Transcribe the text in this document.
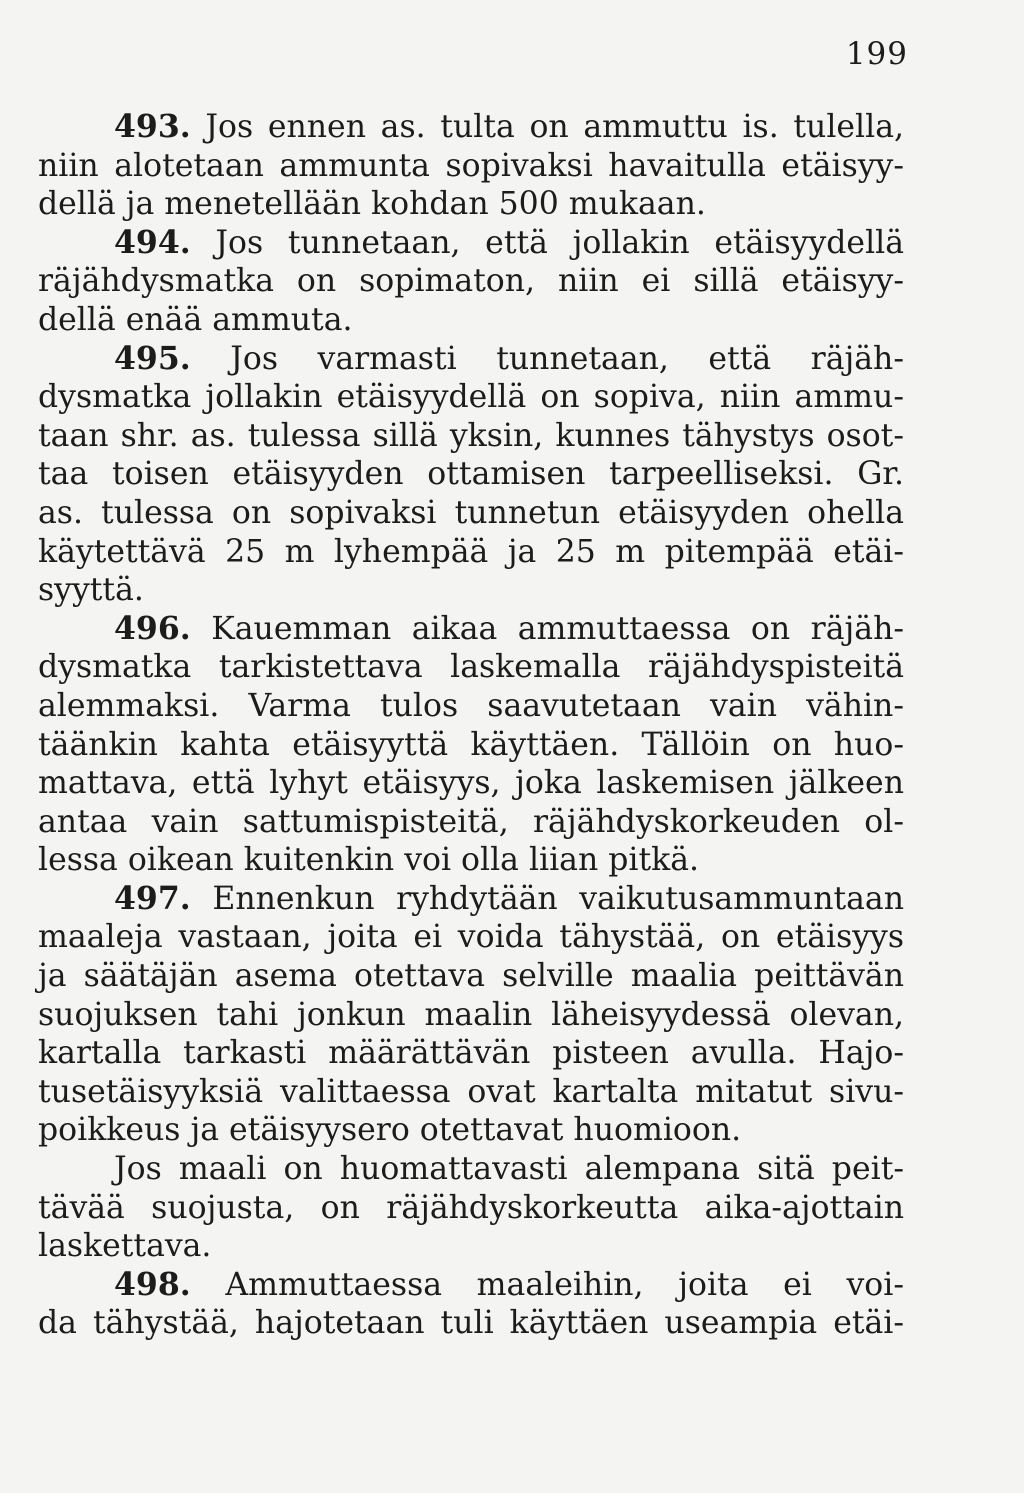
199
493. Jos ennen as. tulta on ammuttu is. tulella,
niin alotetaan ammunta sopivaksi havaitulla etäisyy-
dellä ja menetellään kohdan 500 mukaan.
494. Jos tunnetaan, että jollakin etäisyydellä
räjähdysmatka on sopimaton, niin ei sillä etäisyy-
dellä enää ammuta.
495. Jos varmasti tunnetaan, että räjäh-
dysmatka jollakin etäisyydellä on sopiva, niin ammu-
taan shr. as. tulessa sillä yksin, kunnes tähystys osot-
taa toisen etäisyyden ottamisen tarpeelliseksi. Gr.
as. tulessa on sopivaksi tunnetun etäisyyden ohella
käytettävä 25 m lyhempää ja 25 m pitempää etäi-
syyttä.
496. Kauemman aikaa ammuttaessa on räjäh-
dysmatka tarkistettava laskemalla räjähdyspisteitä
alemmaksi. Varma tulos saavutetaan vain vähin-
täänkin kahta etäisyyttä käyttäen. Tällöin on huo-
mattava, että lyhyt etäisyys, joka laskemisen jälkeen
antaa vain sattumispisteitä, räjähdyskorkeuden ol-
lessa oikean kuitenkin voi olla liian pitkä.
497. Ennenkun ryhdytään vaikutusammuntaan
maaleja vastaan, joita ei voida tähystää, on etäisyys
ja säätäjän asema otettava selville maalia peittävän
suojuksen tahi jonkun maalin läheisyydessä olevan,
kartalla tarkasti määrättävän pisteen avulla. Hajo-
tusetäisyyksiä valittaessa ovat kartalta mitatut sivu-
poikkeus ja etäisyysero otettavat huomioon.
Jos maali on huomattavasti alempana sitä peit-
tävää suojusta, on räjähdyskorkeutta aika-ajottain
laskettava.
498. Ammuttaessa maaleihin, joita ei voi-
da tähystää, hajotetaan tuli käyttäen useampia etäi-
